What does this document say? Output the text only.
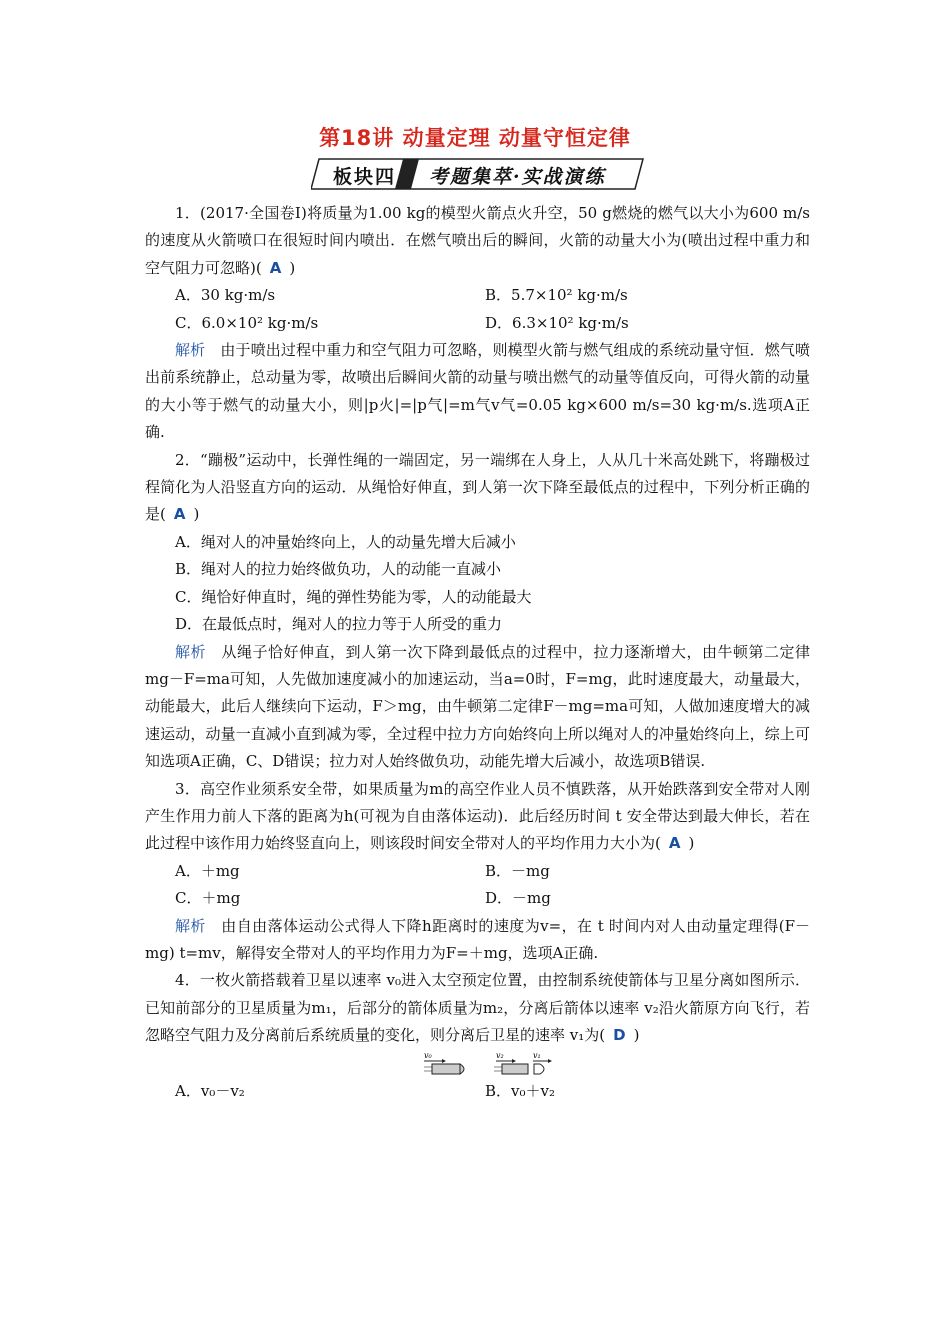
第18讲 动量定理 动量守恒定律
板块四 考题集萃·实战演练

1．(2017·全国卷Ⅰ)将质量为1.00 kg的模型火箭点火升空，50 g燃烧的燃气以大小为600 m/s的速度从火箭喷口在很短时间内喷出．在燃气喷出后的瞬间，火箭的动量大小为(喷出过程中重力和空气阻力可忽略)( A )

A．30 kg·m/s	B．5.7×10² kg·m/s
C．6.0×10² kg·m/s	D．6.3×10² kg·m/s

解析　由于喷出过程中重力和空气阻力可忽略，则模型火箭与燃气组成的系统动量守恒．燃气喷出前系统静止，总动量为零，故喷出后瞬间火箭的动量与喷出燃气的动量等值反向，可得火箭的动量的大小等于燃气的动量大小，则|p火|=|p气|=m气v气=0.05 kg×600 m/s=30 kg·m/s.选项A正确.

2．“蹦极”运动中，长弹性绳的一端固定，另一端绑在人身上，人从几十米高处跳下，将蹦极过程简化为人沿竖直方向的运动．从绳恰好伸直，到人第一次下降至最低点的过程中，下列分析正确的是( A )

A．绳对人的冲量始终向上，人的动量先增大后减小
B．绳对人的拉力始终做负功，人的动能一直减小
C．绳恰好伸直时，绳的弹性势能为零，人的动能最大
D．在最低点时，绳对人的拉力等于人所受的重力

解析　从绳子恰好伸直，到人第一次下降到最低点的过程中，拉力逐渐增大，由牛顿第二定律mg－F=ma可知，人先做加速度减小的加速运动，当a=0时，F=mg，此时速度最大，动量最大，动能最大，此后人继续向下运动，F＞mg，由牛顿第二定律F－mg=ma可知，人做加速度增大的减速运动，动量一直减小直到减为零，全过程中拉力方向始终向上所以绳对人的冲量始终向上，综上可知选项A正确，C、D错误；拉力对人始终做负功，动能先增大后减小，故选项B错误.

3．高空作业须系安全带，如果质量为m的高空作业人员不慎跌落，从开始跌落到安全带对人刚产生作用力前人下落的距离为h(可视为自由落体运动)．此后经历时间 t 安全带达到最大伸长，若在此过程中该作用力始终竖直向上，则该段时间安全带对人的平均作用力大小为( A )

A．＋mg	B．－mg
C．＋mg	D．－mg

解析　由自由落体运动公式得人下降h距离时的速度为v=，在 t 时间内对人由动量定理得(F－mg) t=mv，解得安全带对人的平均作用力为F=＋mg，选项A正确.

4．一枚火箭搭载着卫星以速率 v₀进入太空预定位置，由控制系统使箭体与卫星分离如图所示．已知前部分的卫星质量为m₁，后部分的箭体质量为m₂，分离后箭体以速率 v₂沿火箭原方向飞行，若忽略空气阻力及分离前后系统质量的变化，则分离后卫星的速率 v₁为( D )

v₀	v₂	v₁
A．v₀－v₂	B．v₀＋v₂
